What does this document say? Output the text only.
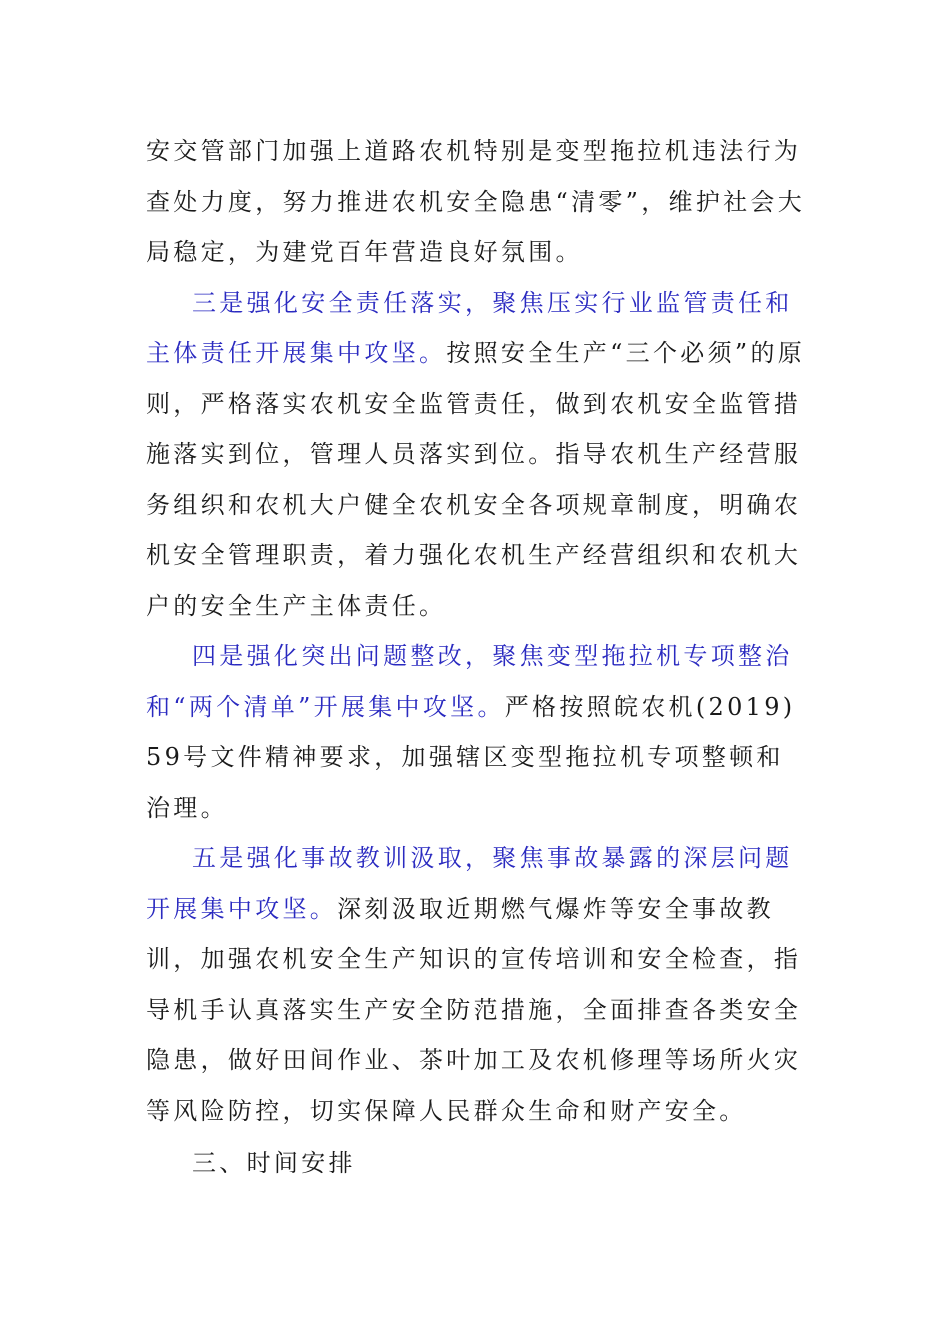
安交管部门加强上道路农机特别是变型拖拉机违法行为查处力度，努力推进农机安全隐患“清零”，维护社会大局稳定，为建党百年营造良好氛围。

三是强化安全责任落实，聚焦压实行业监管责任和主体责任开展集中攻坚。按照安全生产“三个必须”的原则，严格落实农机安全监管责任，做到农机安全监管措施落实到位，管理人员落实到位。指导农机生产经营服务组织和农机大户健全农机安全各项规章制度，明确农机安全管理职责，着力强化农机生产经营组织和农机大户的安全生产主体责任。

四是强化突出问题整改，聚焦变型拖拉机专项整治和“两个清单”开展集中攻坚。严格按照皖农机(2019)59号文件精神要求，加强辖区变型拖拉机专项整顿和治理。

五是强化事故教训汲取，聚焦事故暴露的深层问题开展集中攻坚。深刻汲取近期燃气爆炸等安全事故教训，加强农机安全生产知识的宣传培训和安全检查，指导机手认真落实生产安全防范措施，全面排查各类安全隐患，做好田间作业、茶叶加工及农机修理等场所火灾等风险防控，切实保障人民群众生命和财产安全。

三、时间安排
